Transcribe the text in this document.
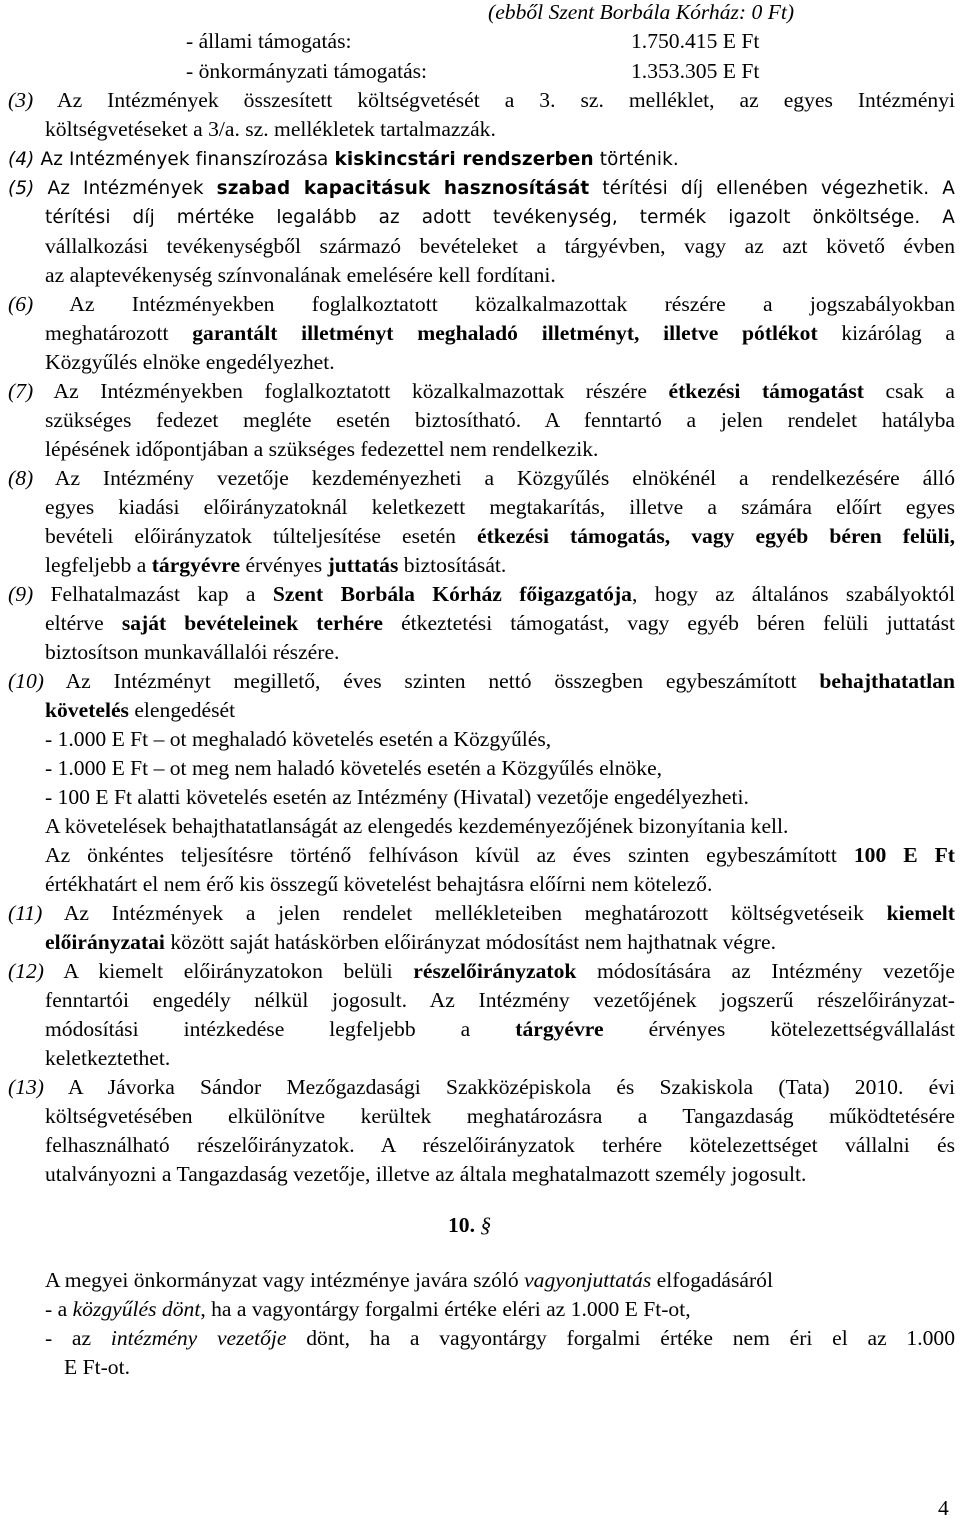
(ebből Szent Borbála Kórház: 0 Ft)
- állami támogatás:	1.750.415 E Ft
- önkormányzati támogatás:	1.353.305 E Ft
(3) Az Intézmények összesített költségvetését a 3. sz. melléklet, az egyes Intézményi
költségvetéseket a 3/a. sz. mellékletek tartalmazzák.
(4) Az Intézmények finanszírozása kiskincstári rendszerben történik.
(5) Az Intézmények szabad kapacitásuk hasznosítását térítési díj ellenében végezhetik. A
térítési díj mértéke legalább az adott tevékenység, termék igazolt önköltsége. A
vállalkozási tevékenységből származó bevételeket a tárgyévben, vagy az azt követő évben
az alaptevékenység színvonalának emelésére kell fordítani.
(6) Az Intézményekben foglalkoztatott közalkalmazottak részére a jogszabályokban
meghatározott garantált illetményt meghaladó illetményt, illetve pótlékot kizárólag a
Közgyűlés elnöke engedélyezhet.
(7) Az Intézményekben foglalkoztatott közalkalmazottak részére étkezési támogatást csak a
szükséges fedezet megléte esetén biztosítható. A fenntartó a jelen rendelet hatályba
lépésének időpontjában a szükséges fedezettel nem rendelkezik.
(8) Az Intézmény vezetője kezdeményezheti a Közgyűlés elnökénél a rendelkezésére álló
egyes kiadási előirányzatoknál keletkezett megtakarítás, illetve a számára előírt egyes
bevételi előirányzatok túlteljesítése esetén étkezési támogatás, vagy egyéb béren felüli,
legfeljebb a tárgyévre érvényes juttatás biztosítását.
(9) Felhatalmazást kap a Szent Borbála Kórház főigazgatója, hogy az általános szabályoktól
eltérve saját bevételeinek terhére étkeztetési támogatást, vagy egyéb béren felüli juttatást
biztosítson munkavállalói részére.
(10) Az Intézményt megillető, éves szinten nettó összegben egybeszámított behajthatatlan
követelés elengedését
- 1.000 E Ft – ot meghaladó követelés esetén a Közgyűlés,
- 1.000 E Ft – ot meg nem haladó követelés esetén a Közgyűlés elnöke,
- 100 E Ft alatti követelés esetén az Intézmény (Hivatal) vezetője engedélyezheti.
A követelések behajthatatlanságát az elengedés kezdeményezőjének bizonyítania kell.
Az önkéntes teljesítésre történő felhíváson kívül az éves szinten egybeszámított 100 E Ft
értékhatárt el nem érő kis összegű követelést behajtásra előírni nem kötelező.
(11) Az Intézmények a jelen rendelet mellékleteiben meghatározott költségvetéseik kiemelt
előirányzatai között saját hatáskörben előirányzat módosítást nem hajthatnak végre.
(12) A kiemelt előirányzatokon belüli részelőirányzatok módosítására az Intézmény vezetője
fenntartói engedély nélkül jogosult. Az Intézmény vezetőjének jogszerű részelőirányzat-
módosítási intézkedése legfeljebb a tárgyévre érvényes kötelezettségvállalást
keletkeztethet.
(13) A Jávorka Sándor Mezőgazdasági Szakközépiskola és Szakiskola (Tata) 2010. évi
költségvetésében elkülönítve kerültek meghatározásra a Tangazdaság működtetésére
felhasználható részelőirányzatok. A részelőirányzatok terhére kötelezettséget vállalni és
utalványozni a Tangazdaság vezetője, illetve az általa meghatalmazott személy jogosult.
10. §
A megyei önkormányzat vagy intézménye javára szóló vagyonjuttatás elfogadásáról
- a közgyűlés dönt, ha a vagyontárgy forgalmi értéke eléri az 1.000 E Ft-ot,
- az intézmény vezetője dönt, ha a vagyontárgy forgalmi értéke nem éri el az 1.000
E Ft-ot.
4
